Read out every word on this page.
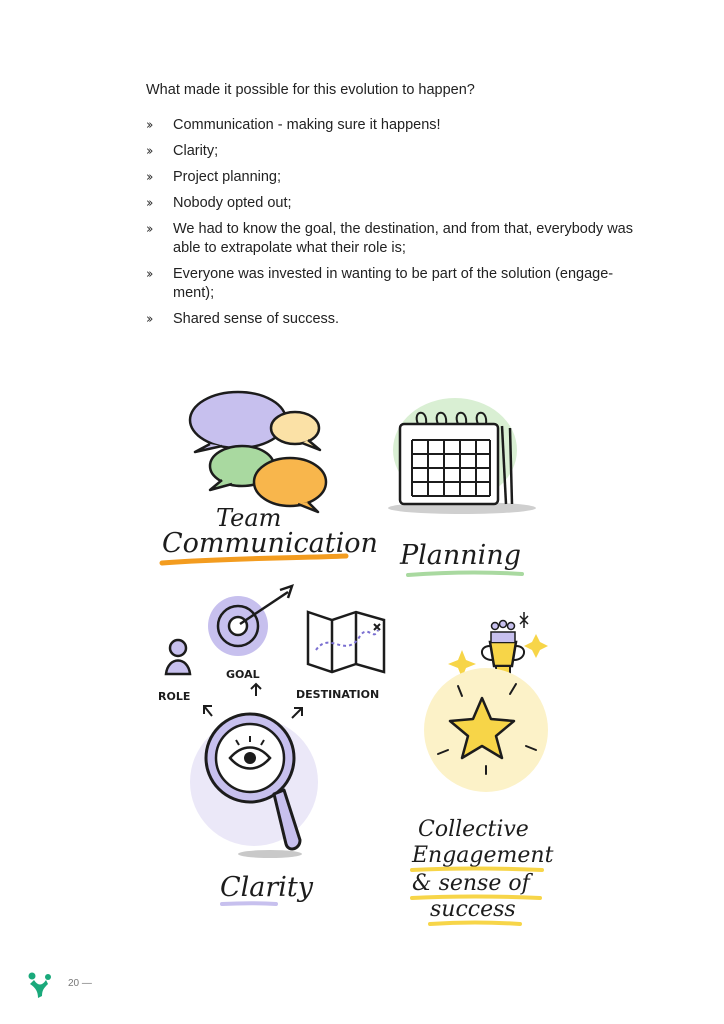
What made it possible for this evolution to happen?

›› Communication - making sure it happens!
›› Clarity;
›› Project planning;
›› Nobody opted out;
›› We had to know the goal, the destination, and from that, everybody was able to extrapolate what their role is;
›› Everyone was invested in wanting to be part of the solution (engage-ment);
›› Shared sense of success.
Team
Communication Planning
GOAL
ROLE	DESTINATION
Clarity
Collective
Engagement
& sense of
success
20 —
